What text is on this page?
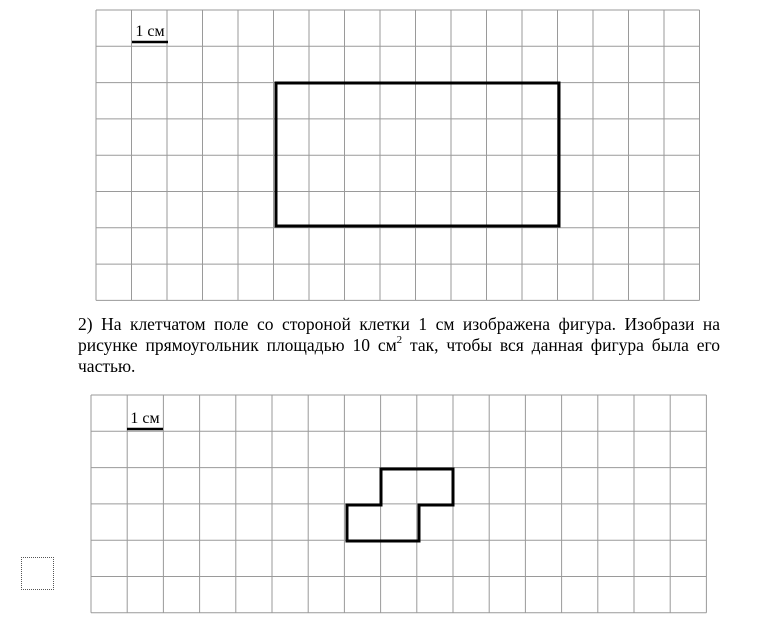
1 см
1 см

2) На клетчатом поле со стороной клетки 1 см изображена фигура. Изобрази на рисунке прямоугольник площадью 10 $см^2$ так, чтобы вся данная фигура была его частью.
